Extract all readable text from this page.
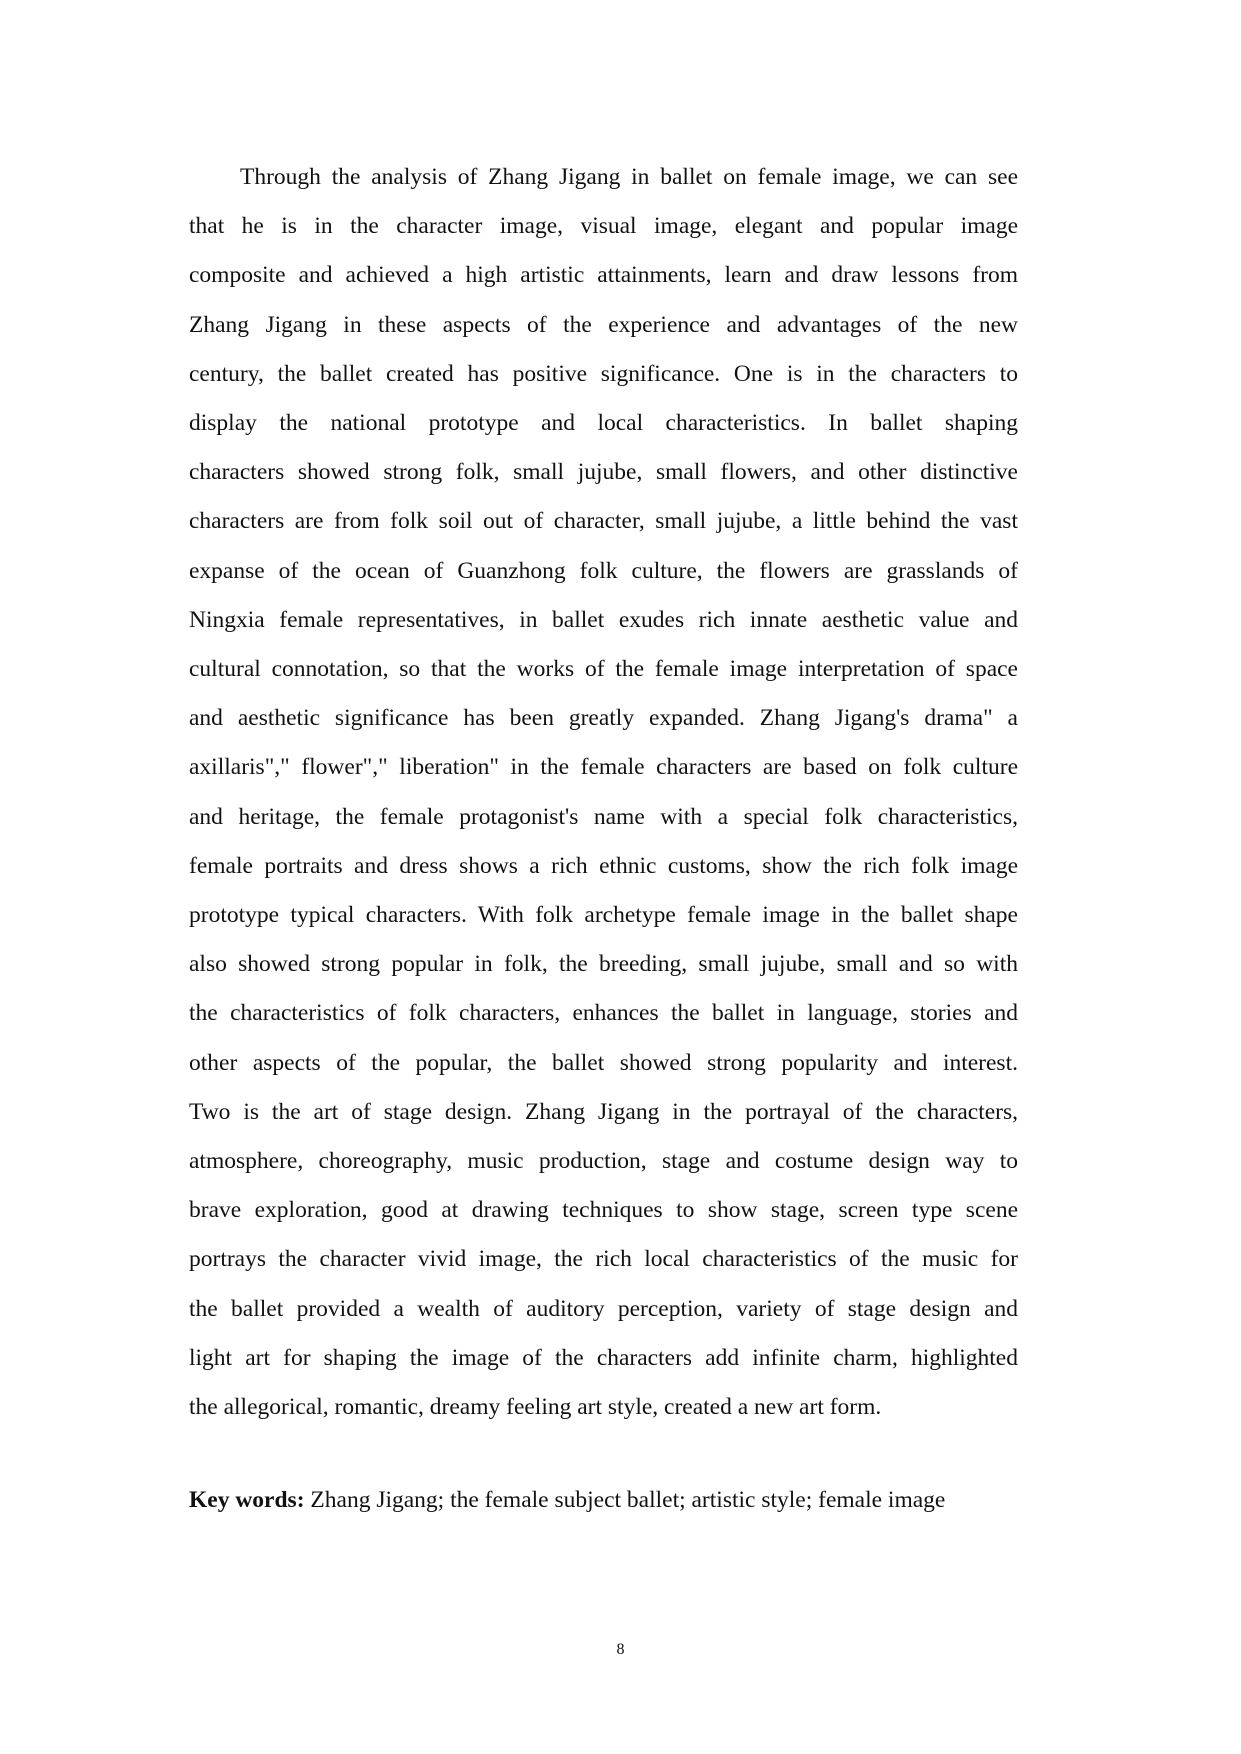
Through the analysis of Zhang Jigang in ballet on female image, we can see
that he is in the character image, visual image, elegant and popular image
composite and achieved a high artistic attainments, learn and draw lessons from
Zhang Jigang in these aspects of the experience and advantages of the new
century, the ballet created has positive significance. One is in the characters to
display the national prototype and local characteristics. In ballet shaping
characters showed strong folk, small jujube, small flowers, and other distinctive
characters are from folk soil out of character, small jujube, a little behind the vast
expanse of the ocean of Guanzhong folk culture, the flowers are grasslands of
Ningxia female representatives, in ballet exudes rich innate aesthetic value and
cultural connotation, so that the works of the female image interpretation of space
and aesthetic significance has been greatly expanded. Zhang Jigang's drama" a
axillaris"," flower"," liberation" in the female characters are based on folk culture
and heritage, the female protagonist's name with a special folk characteristics,
female portraits and dress shows a rich ethnic customs, show the rich folk image
prototype typical characters. With folk archetype female image in the ballet shape
also showed strong popular in folk, the breeding, small jujube, small and so with
the characteristics of folk characters, enhances the ballet in language, stories and
other aspects of the popular, the ballet showed strong popularity and interest.
Two is the art of stage design. Zhang Jigang in the portrayal of the characters,
atmosphere, choreography, music production, stage and costume design way to
brave exploration, good at drawing techniques to show stage, screen type scene
portrays the character vivid image, the rich local characteristics of the music for
the ballet provided a wealth of auditory perception, variety of stage design and
light art for shaping the image of the characters add infinite charm, highlighted
the allegorical, romantic, dreamy feeling art style, created a new art form.

Key words: Zhang Jigang; the female subject ballet; artistic style; female image

8
